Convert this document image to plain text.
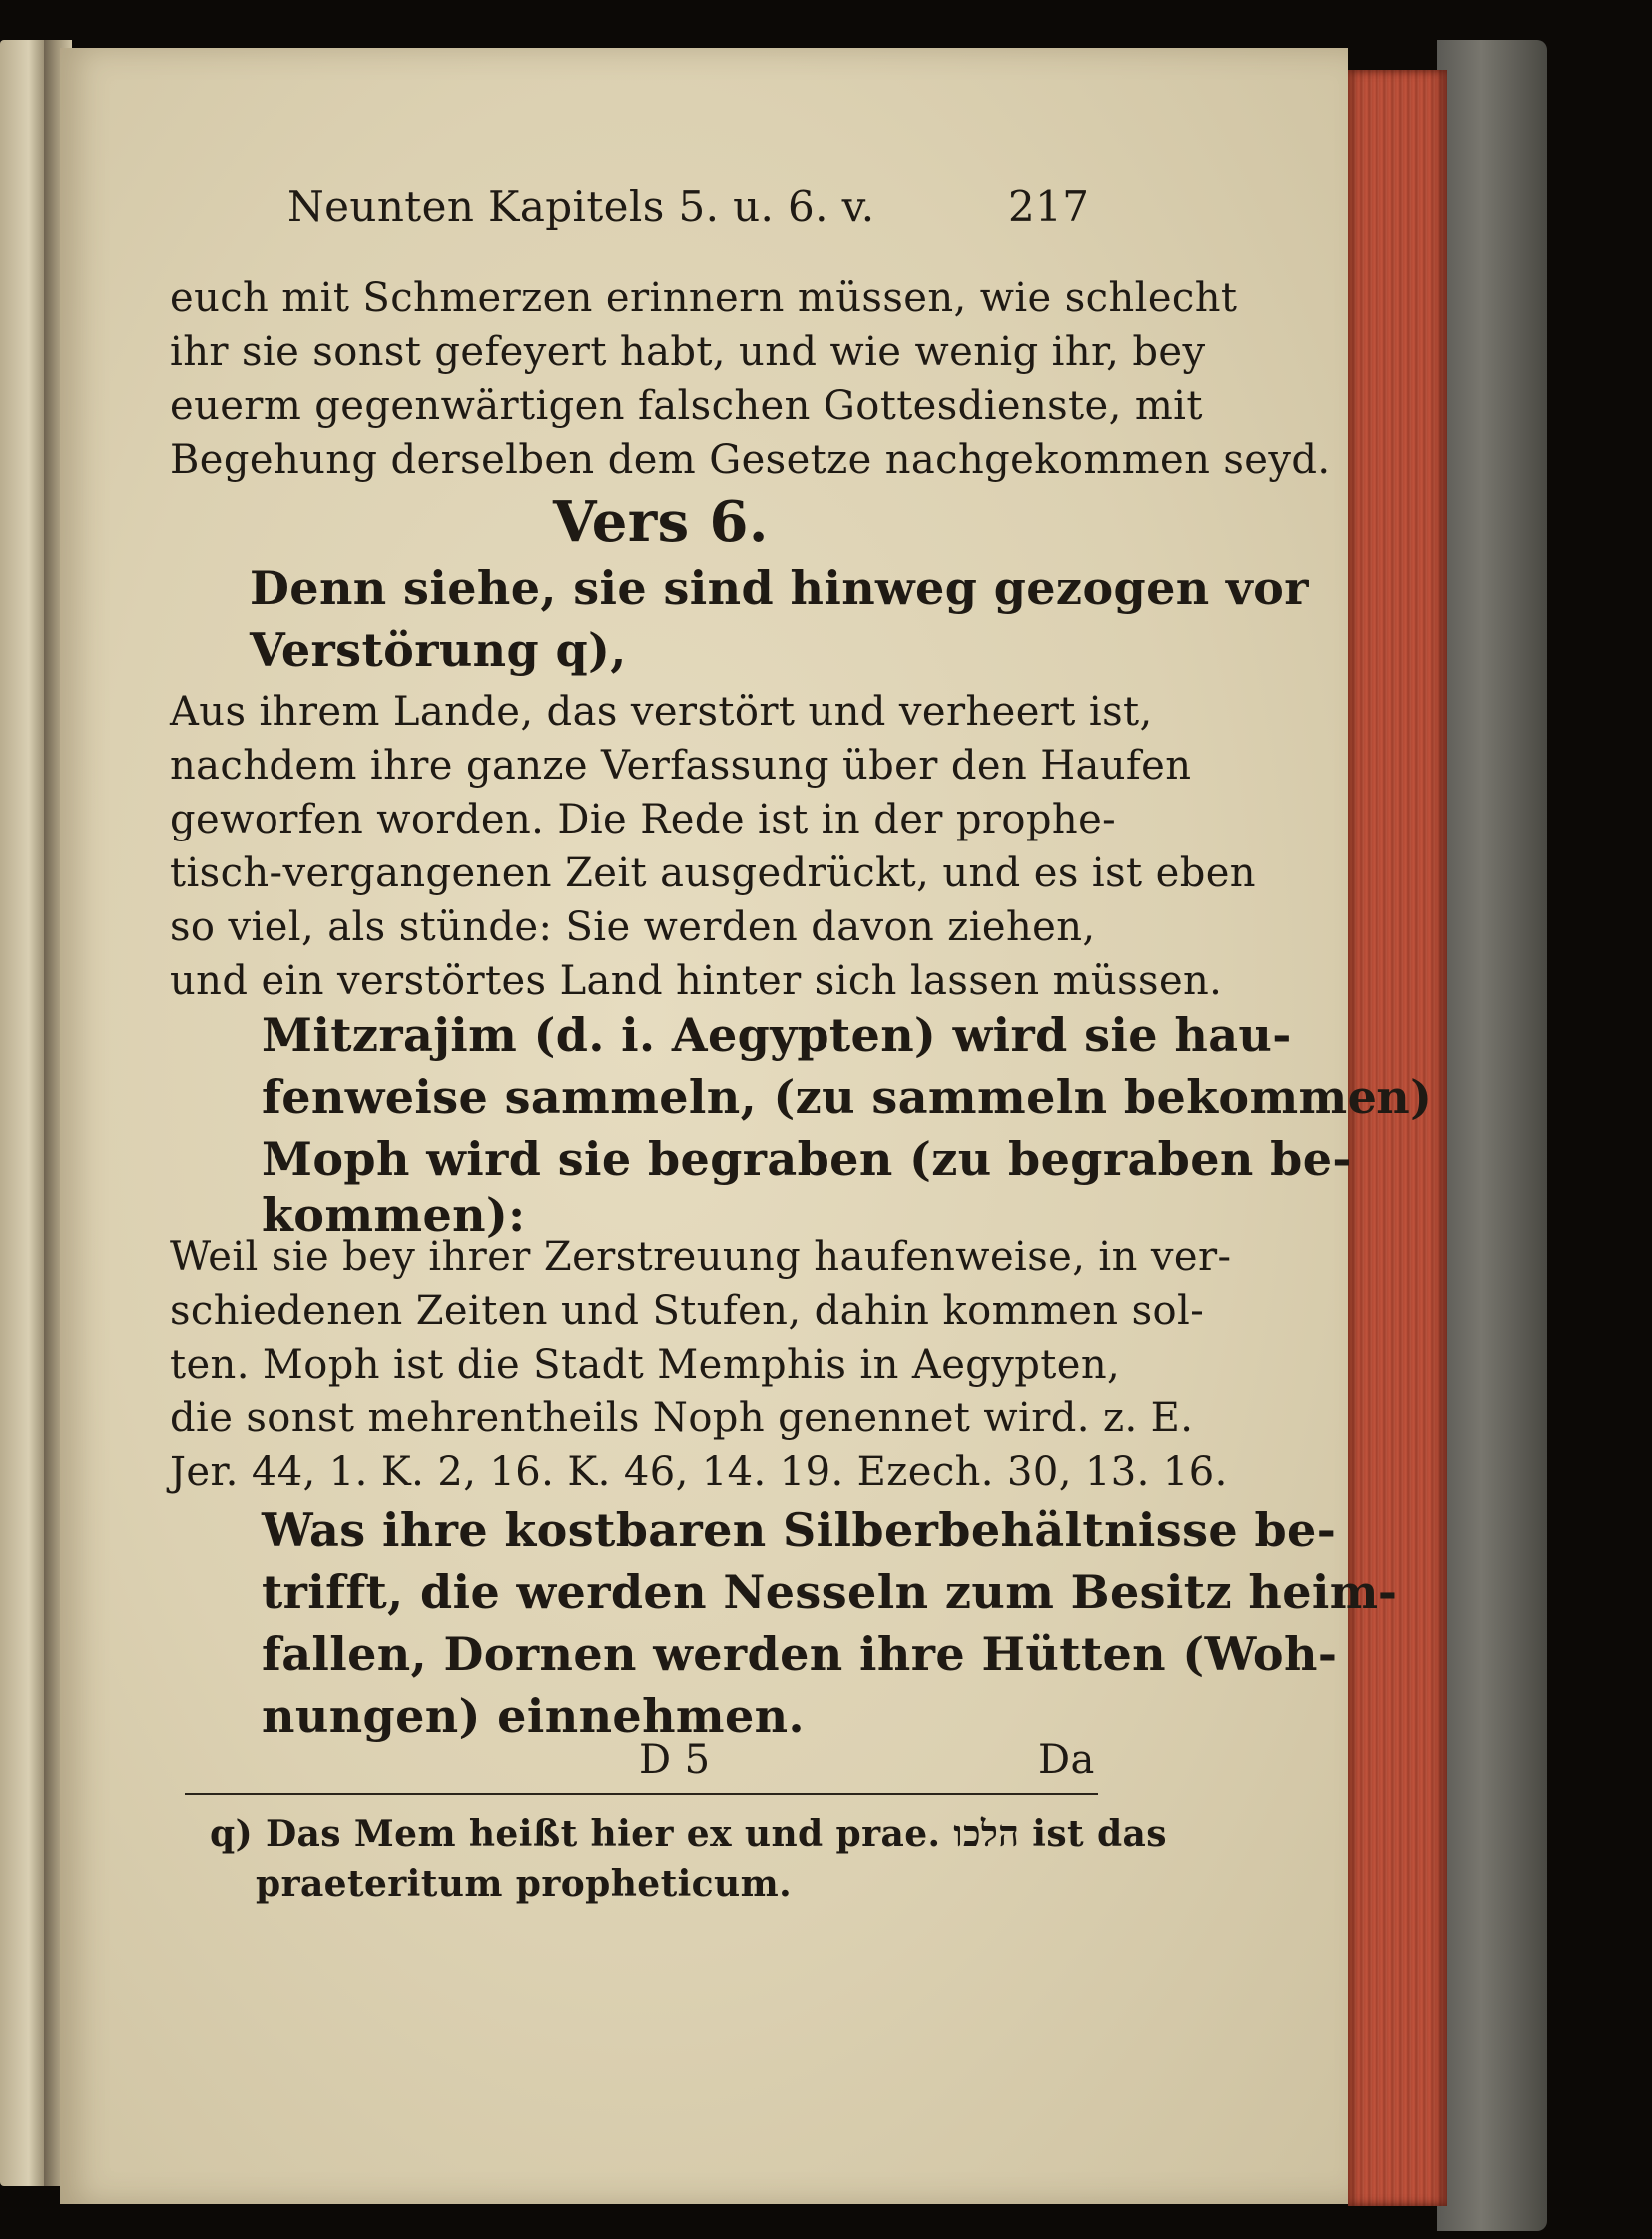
Neunten Kapitels 5. u. 6. v.	217
euch mit Schmerzen erinnern müssen, wie schlecht
ihr sie sonst gefeyert habt, und wie wenig ihr, bey
euerm gegenwärtigen falschen Gottesdienste, mit
Begehung derselben dem Gesetze nachgekommen seyd.
Vers 6.
Denn siehe, sie sind hinweg gezogen vor
Verstörung q),
Aus ihrem Lande, das verstört und verheert ist,
nachdem ihre ganze Verfassung über den Haufen
geworfen worden. Die Rede ist in der prophe-
tisch-vergangenen Zeit ausgedrückt, und es ist eben
so viel, als stünde: Sie werden davon ziehen,
und ein verstörtes Land hinter sich lassen müssen.
Mitzrajim (d. i. Aegypten) wird sie hau-
fenweise sammeln, (zu sammeln bekommen)
Moph wird sie begraben (zu begraben be-
kommen):
Weil sie bey ihrer Zerstreuung haufenweise, in ver-
schiedenen Zeiten und Stufen, dahin kommen sol-
ten. Moph ist die Stadt Memphis in Aegypten,
die sonst mehrentheils Noph genennet wird. z. E.
Jer. 44, 1. K. 2, 16. K. 46, 14. 19. Ezech. 30, 13. 16.
Was ihre kostbaren Silberbehältnisse be-
trifft, die werden Nesseln zum Besitz heim-
fallen, Dornen werden ihre Hütten (Woh-
nungen) einnehmen.
D 5	Da
q) Das Mem heißt hier ex und prae. הלכו ist das
praeteritum propheticum.
